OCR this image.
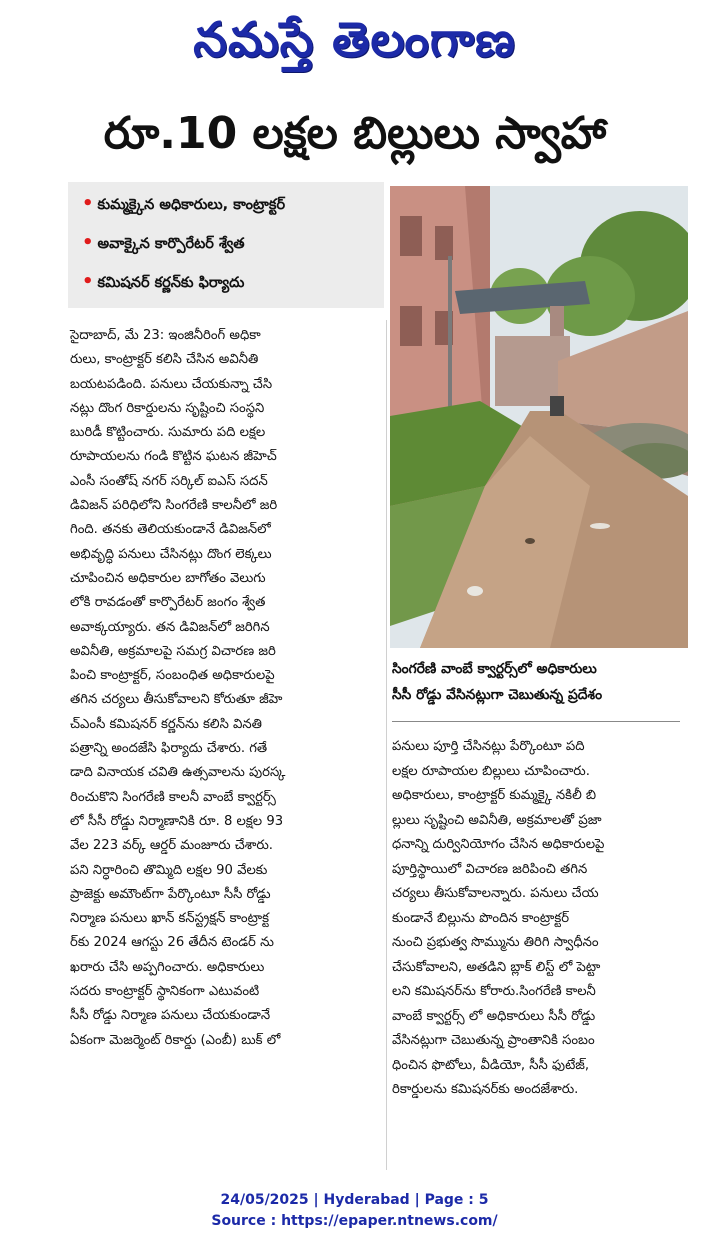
నమస్తే తెలంగాణ
రూ.10 లక్షల బిల్లులు స్వాహా
• కుమ్మక్కైన అధికారులు, కాంట్రాక్టర్
• అవాక్కైన కార్పొరేటర్ శ్వేత
• కమిషనర్ కర్ణన్‌కు ఫిర్యాదు
సైదాబాద్, మే 23: ఇంజినీరింగ్ అధికా
రులు, కాంట్రాక్టర్ కలిసి చేసిన అవినీతి
బయటపడింది. పనులు చేయకున్నా చేసి
నట్లు దొంగ రికార్డులను సృష్టించి సంస్థని
బురిడీ కొట్టించారు. సుమారు పది లక్షల
రూపాయలను గండి కొట్టిన ఘటన జీహెచ్
ఎంసీ సంతోష్ నగర్ సర్కిల్ ఐఎస్ సదన్
డివిజన్ పరిధిలోని సింగరేణి కాలనీలో జరి
గింది. తనకు తెలియకుండానే డివిజన్‌లో
అభివృద్ధి పనులు చేసినట్లు దొంగ లెక్కలు
చూపించిన అధికారుల బాగోతం వెలుగు
లోకి రావడంతో కార్పొరేటర్ జంగం శ్వేత
అవాక్కయ్యారు. తన డివిజన్‌లో జరిగిన
అవినీతి, అక్రమాలపై సమగ్ర విచారణ జరి
పించి కాంట్రాక్టర్, సంబంధిత అధికారులపై
తగిన చర్యలు తీసుకోవాలని కోరుతూ జీహె
చ్ఎంసీ కమిషనర్ కర్ణన్‌ను కలిసి వినతి
పత్రాన్ని అందజేసి ఫిర్యాదు చేశారు. గతే
డాది వినాయక చవితి ఉత్సవాలను పురస్క
రించుకొని సింగరేణి కాలనీ వాంబే క్వార్టర్స్
లో సీసీ రోడ్డు నిర్మాణానికి రూ. 8 లక్షల 93
వేల 223 వర్క్ ఆర్డర్ మంజూరు చేశారు.
పని నిర్ధారించి తొమ్మిది లక్షల 90 వేలకు
ప్రాజెక్టు అమౌంట్‌గా పేర్కొంటూ సీసీ రోడ్డు
నిర్మాణ పనులు ఖాన్ కన్‌స్ట్రక్షన్ కాంట్రాక్ట
ర్‌కు 2024 ఆగస్టు 26 తేదీన టెండర్ ను
ఖరారు చేసి అప్పగించారు. అధికారులు
సదరు కాంట్రాక్టర్ స్థానికంగా ఎటువంటి
సీసీ రోడ్డు నిర్మాణ పనులు చేయకుండానే
ఏకంగా మెజర్మెంట్ రికార్డు (ఎంబీ) బుక్ లో
సింగరేణి వాంబే క్వార్టర్స్‌లో అధికారులు
సీసీ రోడ్డు వేసినట్లుగా చెబుతున్న ప్రదేశం
పనులు పూర్తి చేసినట్లు పేర్కొంటూ పది
లక్షల రూపాయల బిల్లులు చూపించారు.
అధికారులు, కాంట్రాక్టర్ కుమ్మక్కై నకిలీ బి
ల్లులు సృష్టించి అవినీతి, అక్రమాలతో ప్రజా
ధనాన్ని దుర్వినియోగం చేసిన అధికారులపై
పూర్తిస్థాయిలో విచారణ జరిపించి తగిన
చర్యలు తీసుకోవాలన్నారు. పనులు చేయ
కుండానే బిల్లును పొందిన కాంట్రాక్టర్
నుంచి ప్రభుత్వ సొమ్మును తిరిగి స్వాధీనం
చేసుకోవాలని, అతడిని బ్లాక్ లిస్ట్ లో పెట్టా
లని కమిషనర్‌ను కోరారు.సింగరేణి కాలనీ
వాంబే క్వార్టర్స్ లో అధికారులు సీసీ రోడ్డు
వేసినట్లుగా చెబుతున్న ప్రాంతానికి సంబం
ధించిన ఫొటోలు, వీడియో, సీసీ ఫుటేజ్,
రికార్డులను కమిషనర్‌కు అందజేశారు.
24/05/2025 | Hyderabad | Page : 5
Source : https://epaper.ntnews.com/
